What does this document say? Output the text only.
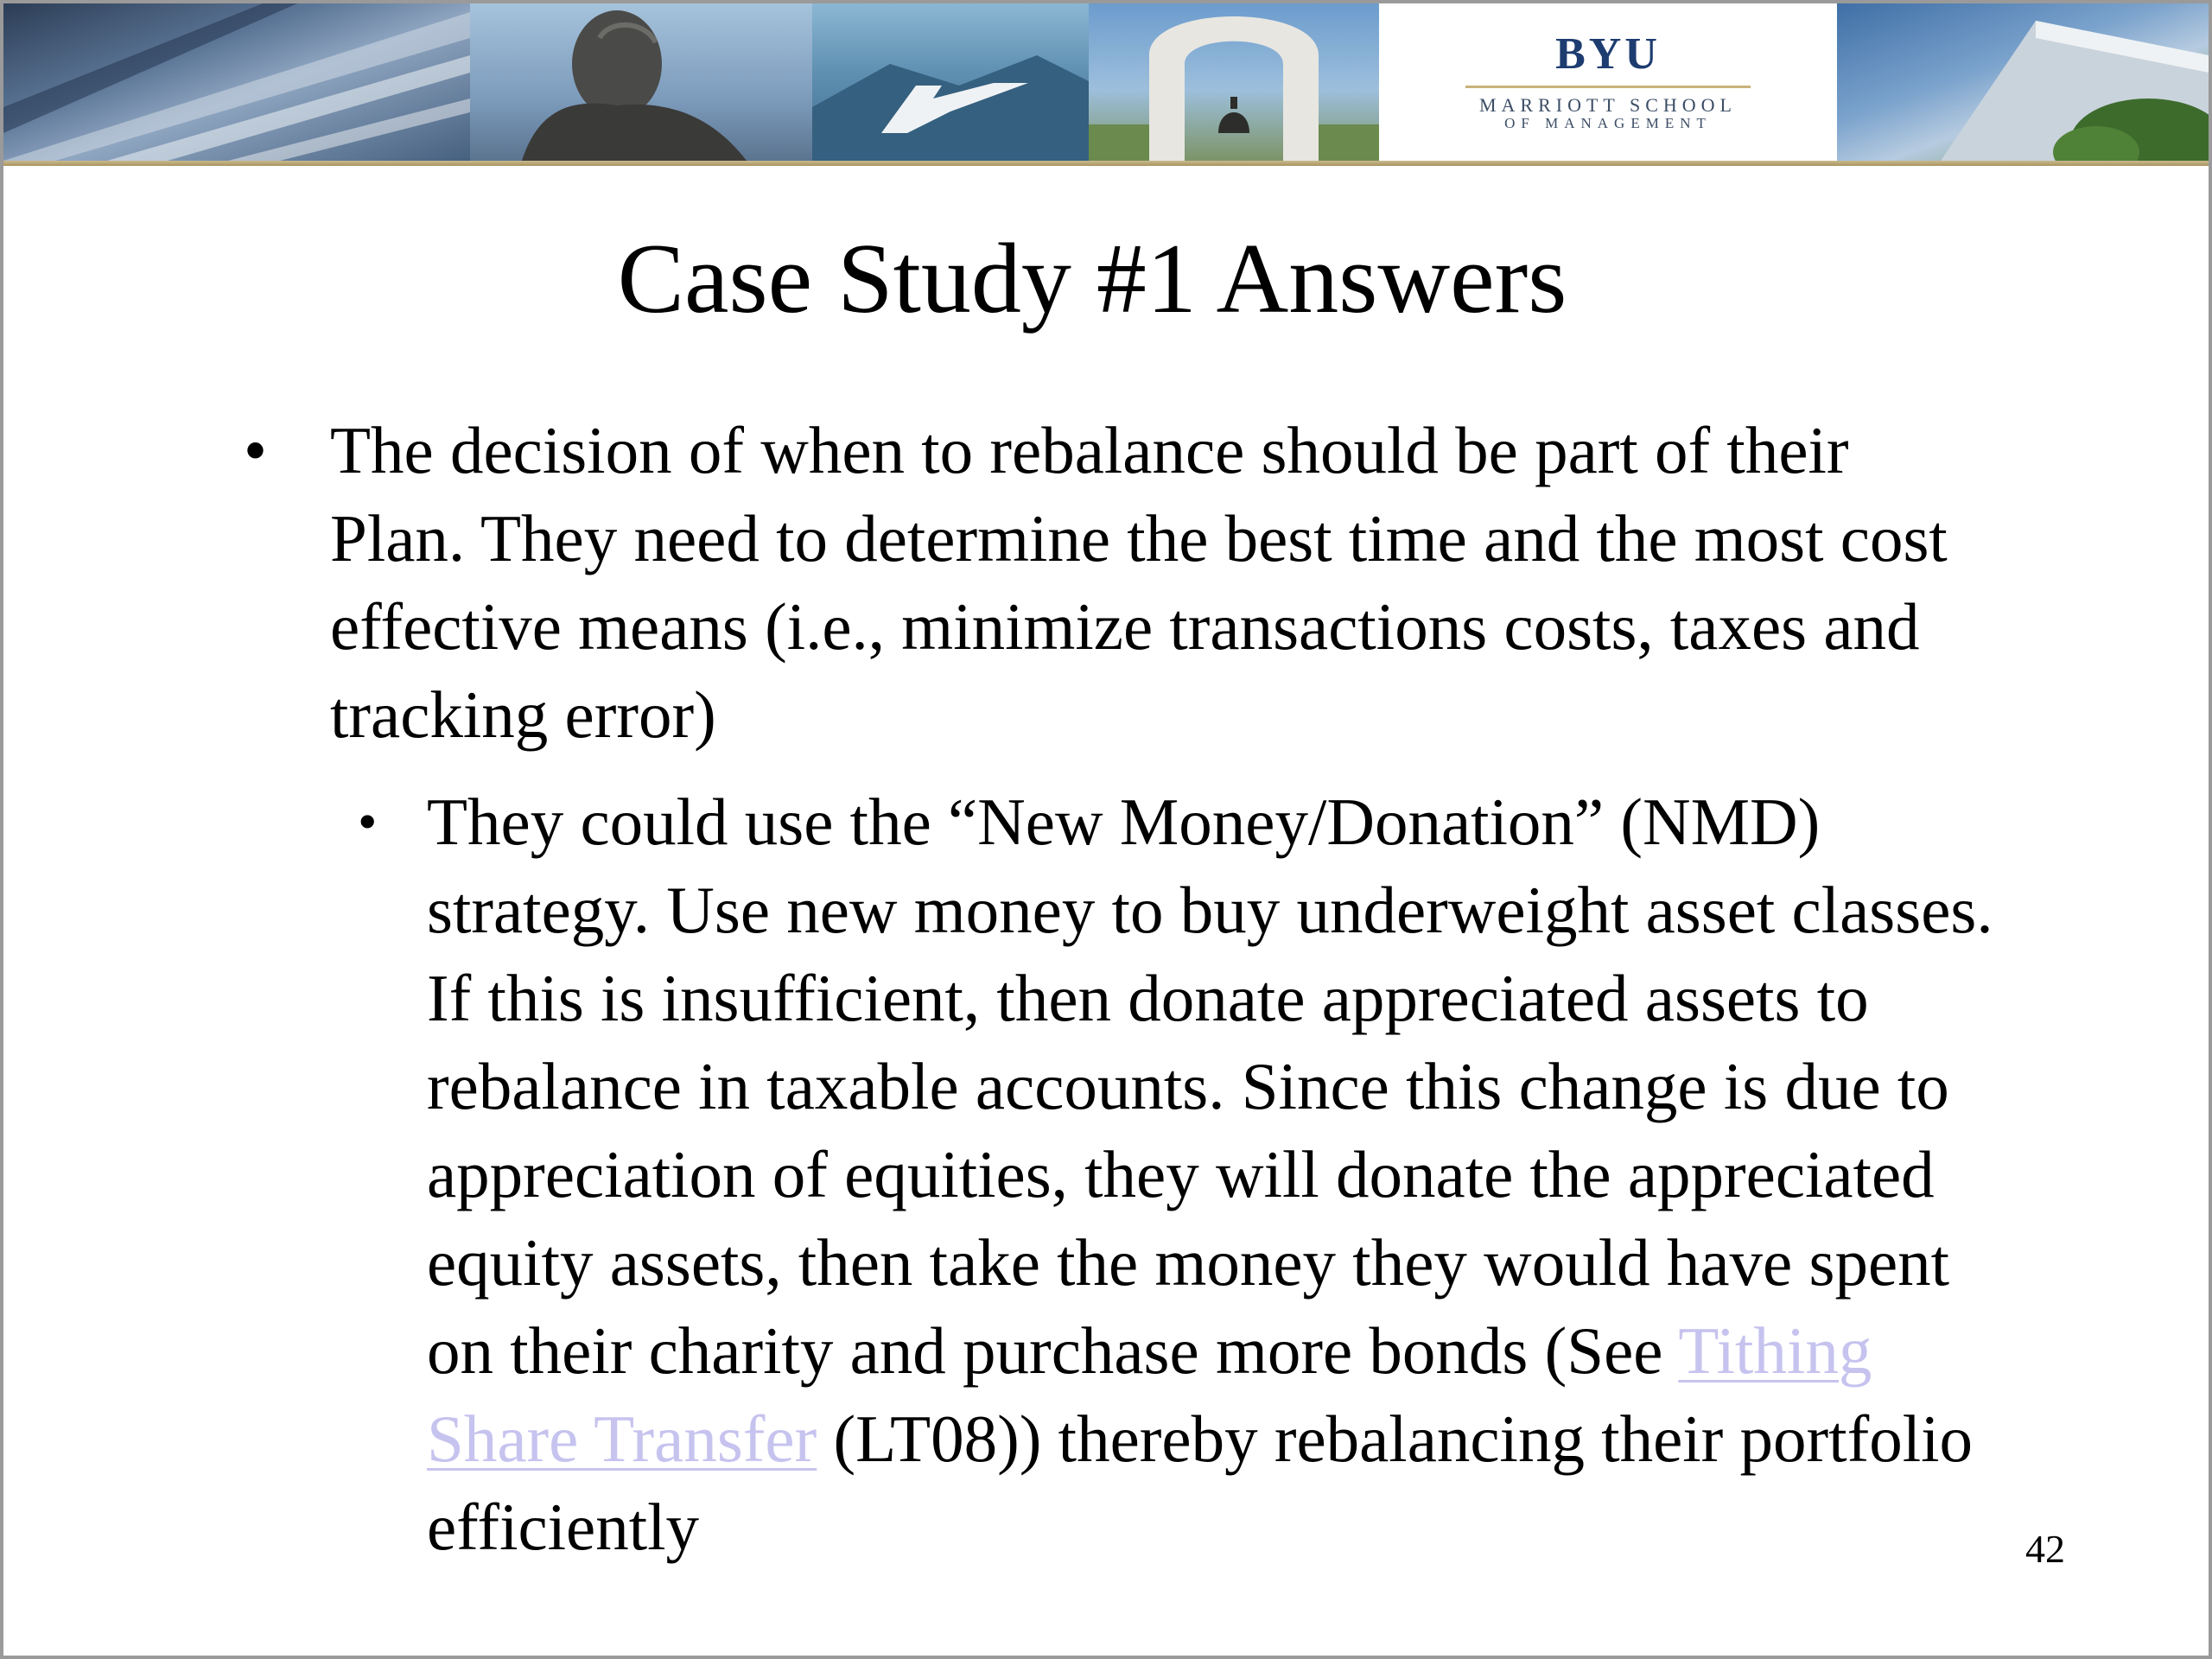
BYU
MARRIOTT SCHOOL
OF MANAGEMENT
Case Study #1 Answers
• The decision of when to rebalance should be part of their Plan. They need to determine the best time and the most cost effective means (i.e., minimize transactions costs, taxes and tracking error)
• They could use the “New Money/Donation” (NMD) strategy. Use new money to buy underweight asset classes. If this is insufficient, then donate appreciated assets to rebalance in taxable accounts. Since this change is due to appreciation of equities, they will donate the appreciated equity assets, then take the money they would have spent on their charity and purchase more bonds (See Tithing Share Transfer (LT08)) thereby rebalancing their portfolio efficiently	42
